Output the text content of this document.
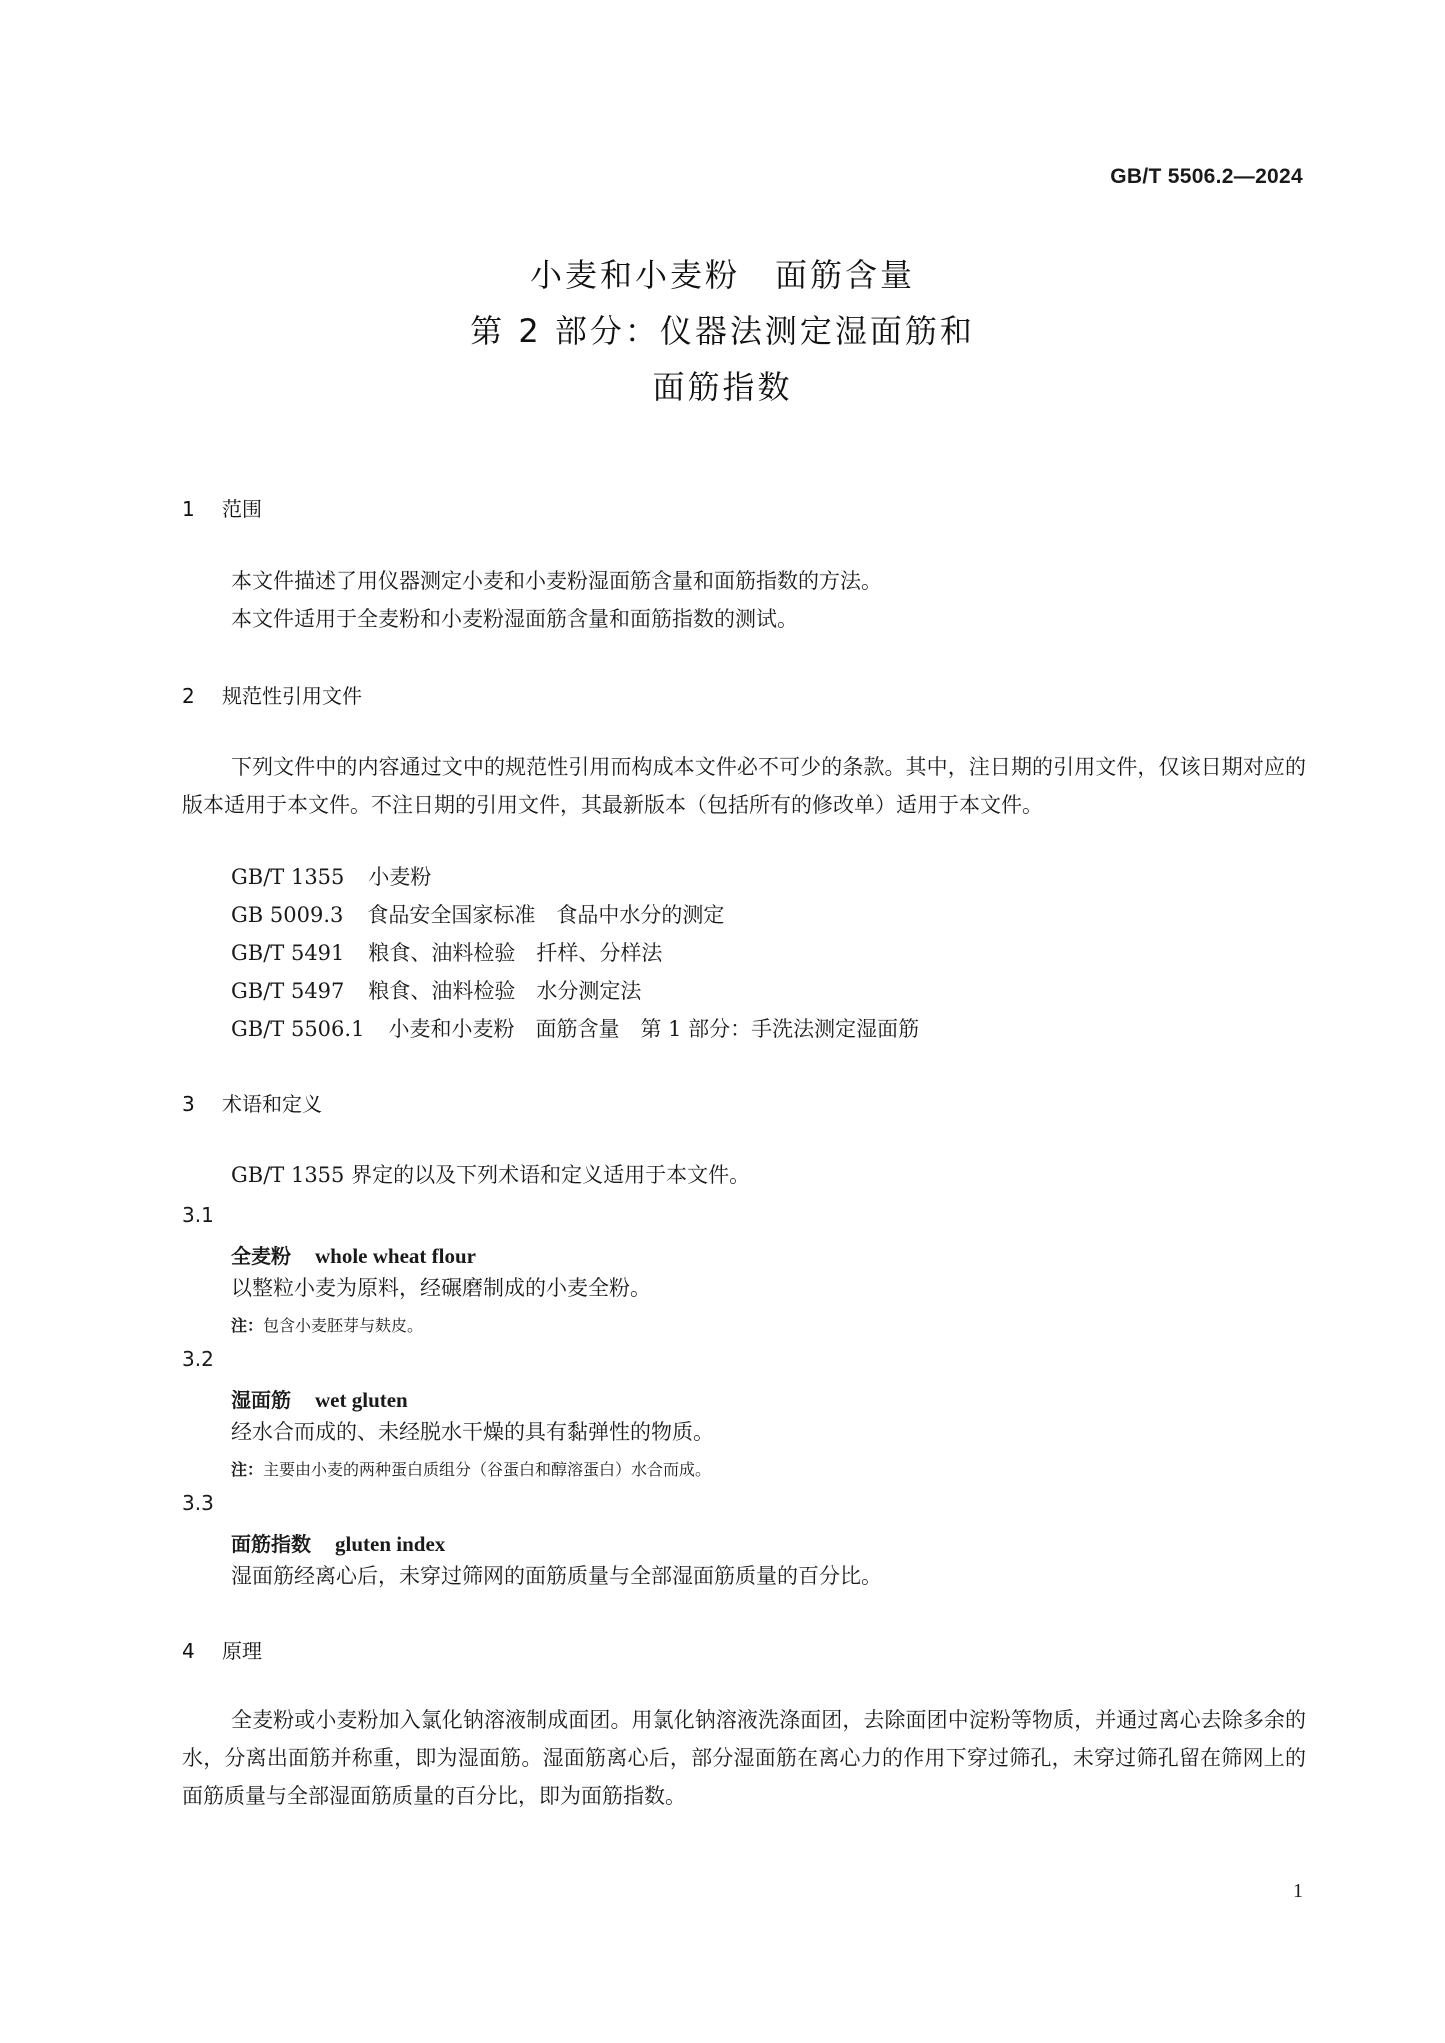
GB/T 5506.2—2024
小麦和小麦粉　面筋含量
第 2 部分：仪器法测定湿面筋和
面筋指数
1 范围
本文件描述了用仪器测定小麦和小麦粉湿面筋含量和面筋指数的方法。
本文件适用于全麦粉和小麦粉湿面筋含量和面筋指数的测试。
2 规范性引用文件
下列文件中的内容通过文中的规范性引用而构成本文件必不可少的条款。其中，注日期的引用文件，仅该日期对应的版本适用于本文件。不注日期的引用文件，其最新版本（包括所有的修改单）适用于本文件。
GB/T 1355 小麦粉
GB 5009.3 食品安全国家标准　食品中水分的测定
GB/T 5491 粮食、油料检验　扦样、分样法
GB/T 5497 粮食、油料检验　水分测定法
GB/T 5506.1 小麦和小麦粉　面筋含量　第 1 部分：手洗法测定湿面筋
3 术语和定义
GB/T 1355 界定的以及下列术语和定义适用于本文件。
3.1
全麦粉 whole wheat flour
以整粒小麦为原料，经碾磨制成的小麦全粉。
注：包含小麦胚芽与麸皮。
3.2
湿面筋 wet gluten
经水合而成的、未经脱水干燥的具有黏弹性的物质。
注：主要由小麦的两种蛋白质组分（谷蛋白和醇溶蛋白）水合而成。
3.3
面筋指数 gluten index
湿面筋经离心后，未穿过筛网的面筋质量与全部湿面筋质量的百分比。
4 原理
全麦粉或小麦粉加入氯化钠溶液制成面团。用氯化钠溶液洗涤面团，去除面团中淀粉等物质，并通过离心去除多余的水，分离出面筋并称重，即为湿面筋。湿面筋离心后，部分湿面筋在离心力的作用下穿过筛孔，未穿过筛孔留在筛网上的面筋质量与全部湿面筋质量的百分比，即为面筋指数。
1
